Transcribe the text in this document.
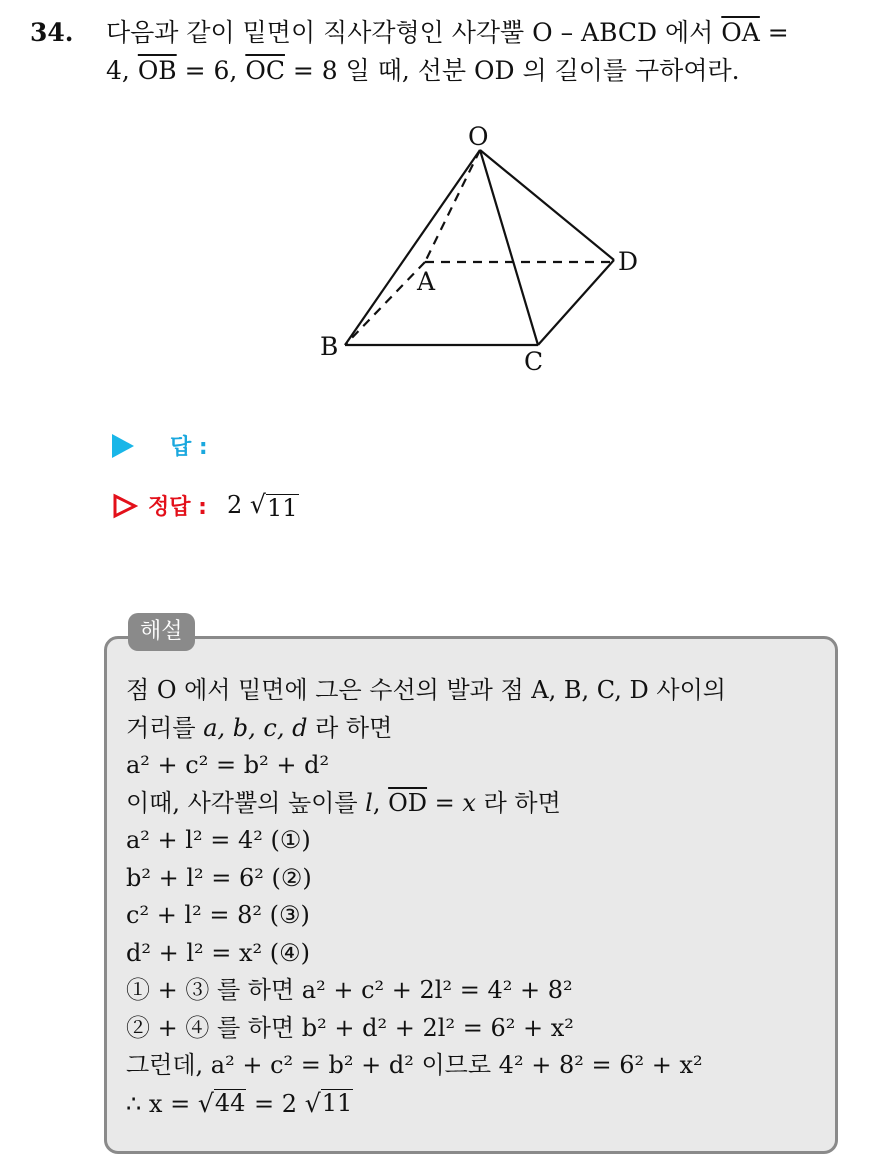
34. 다음과 같이 밑면이 직사각형인 사각뿔 O – ABCD 에서 $\overline{OA}$ =
4, $\overline{OB} = 6$, $\overline{OC} = 8$ 일 때, 선분 OD 의 길이를 구하여라.
O
A
B
C
D
답 :
정답 : 2 √ 11
해설
점 O 에서 밑면에 그은 수선의 발과 점 A, B, C, D 사이의
거리를 a, b, c, d 라 하면
a² + c² = b² + d²
이때, 사각뿔의 높이를 l, $\overline{OD} = x$ 라 하면
a² + l² = 4² (①)
b² + l² = 6² (②)
c² + l² = 8² (③)
d² + l² = x² (④)
① + ③ 를 하면 a² + c² + 2l² = 4² + 8²
② + ④ 를 하면 b² + d² + 2l² = 6² + x²
그런데, a² + c² = b² + d² 이므로 4² + 8² = 6² + x²
∴ x = √ 44 = 2 √ 11
